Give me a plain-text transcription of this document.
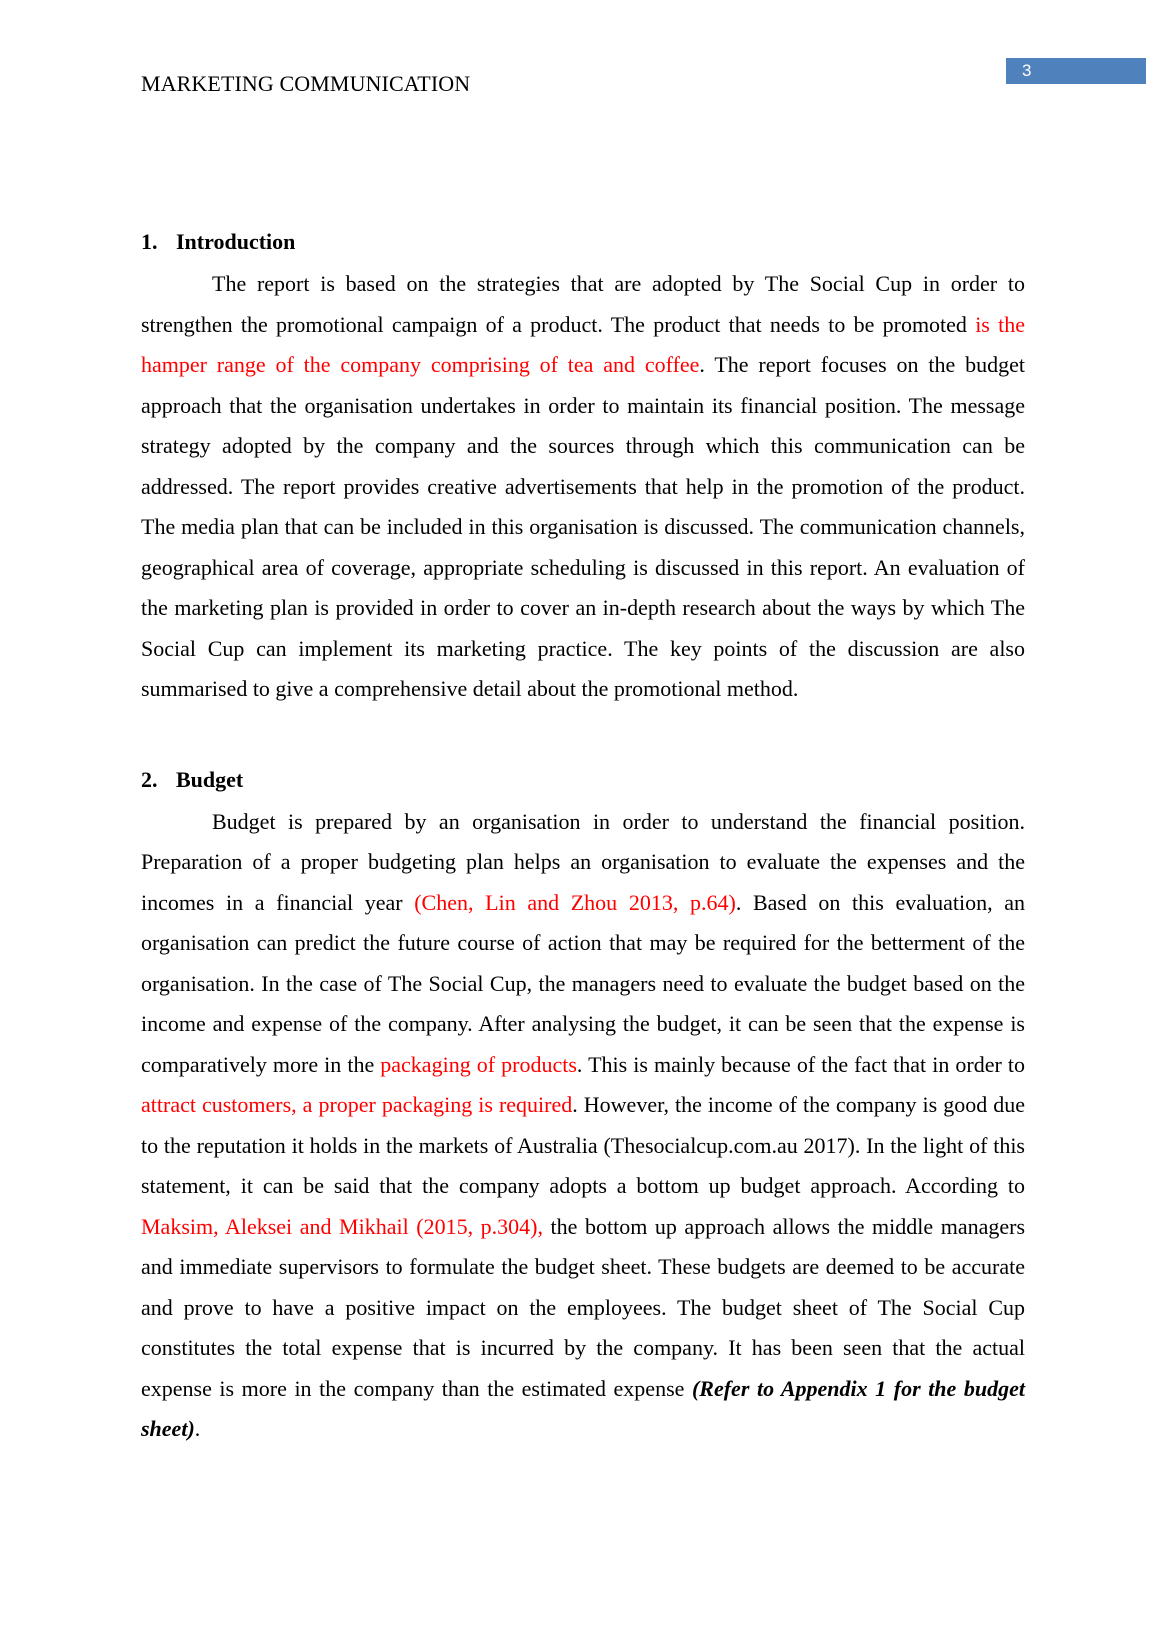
3
MARKETING COMMUNICATION
1. Introduction

The report is based on the strategies that are adopted by The Social Cup in order to strengthen the promotional campaign of a product. The product that needs to be promoted is the hamper range of the company comprising of tea and coffee. The report focuses on the budget approach that the organisation undertakes in order to maintain its financial position. The message strategy adopted by the company and the sources through which this communication can be addressed. The report provides creative advertisements that help in the promotion of the product. The media plan that can be included in this organisation is discussed. The communication channels, geographical area of coverage, appropriate scheduling is discussed in this report. An evaluation of the marketing plan is provided in order to cover an in-depth research about the ways by which The Social Cup can implement its marketing practice. The key points of the discussion are also summarised to give a comprehensive detail about the promotional method.

2. Budget

Budget is prepared by an organisation in order to understand the financial position. Preparation of a proper budgeting plan helps an organisation to evaluate the expenses and the incomes in a financial year (Chen, Lin and Zhou 2013, p.64). Based on this evaluation, an organisation can predict the future course of action that may be required for the betterment of the organisation. In the case of The Social Cup, the managers need to evaluate the budget based on the income and expense of the company. After analysing the budget, it can be seen that the expense is comparatively more in the packaging of products. This is mainly because of the fact that in order to attract customers, a proper packaging is required. However, the income of the company is good due to the reputation it holds in the markets of Australia (Thesocialcup.com.au 2017). In the light of this statement, it can be said that the company adopts a bottom up budget approach. According to Maksim, Aleksei and Mikhail (2015, p.304), the bottom up approach allows the middle managers and immediate supervisors to formulate the budget sheet. These budgets are deemed to be accurate and prove to have a positive impact on the employees. The budget sheet of The Social Cup constitutes the total expense that is incurred by the company. It has been seen that the actual expense is more in the company than the estimated expense (Refer to Appendix 1 for the budget sheet).
